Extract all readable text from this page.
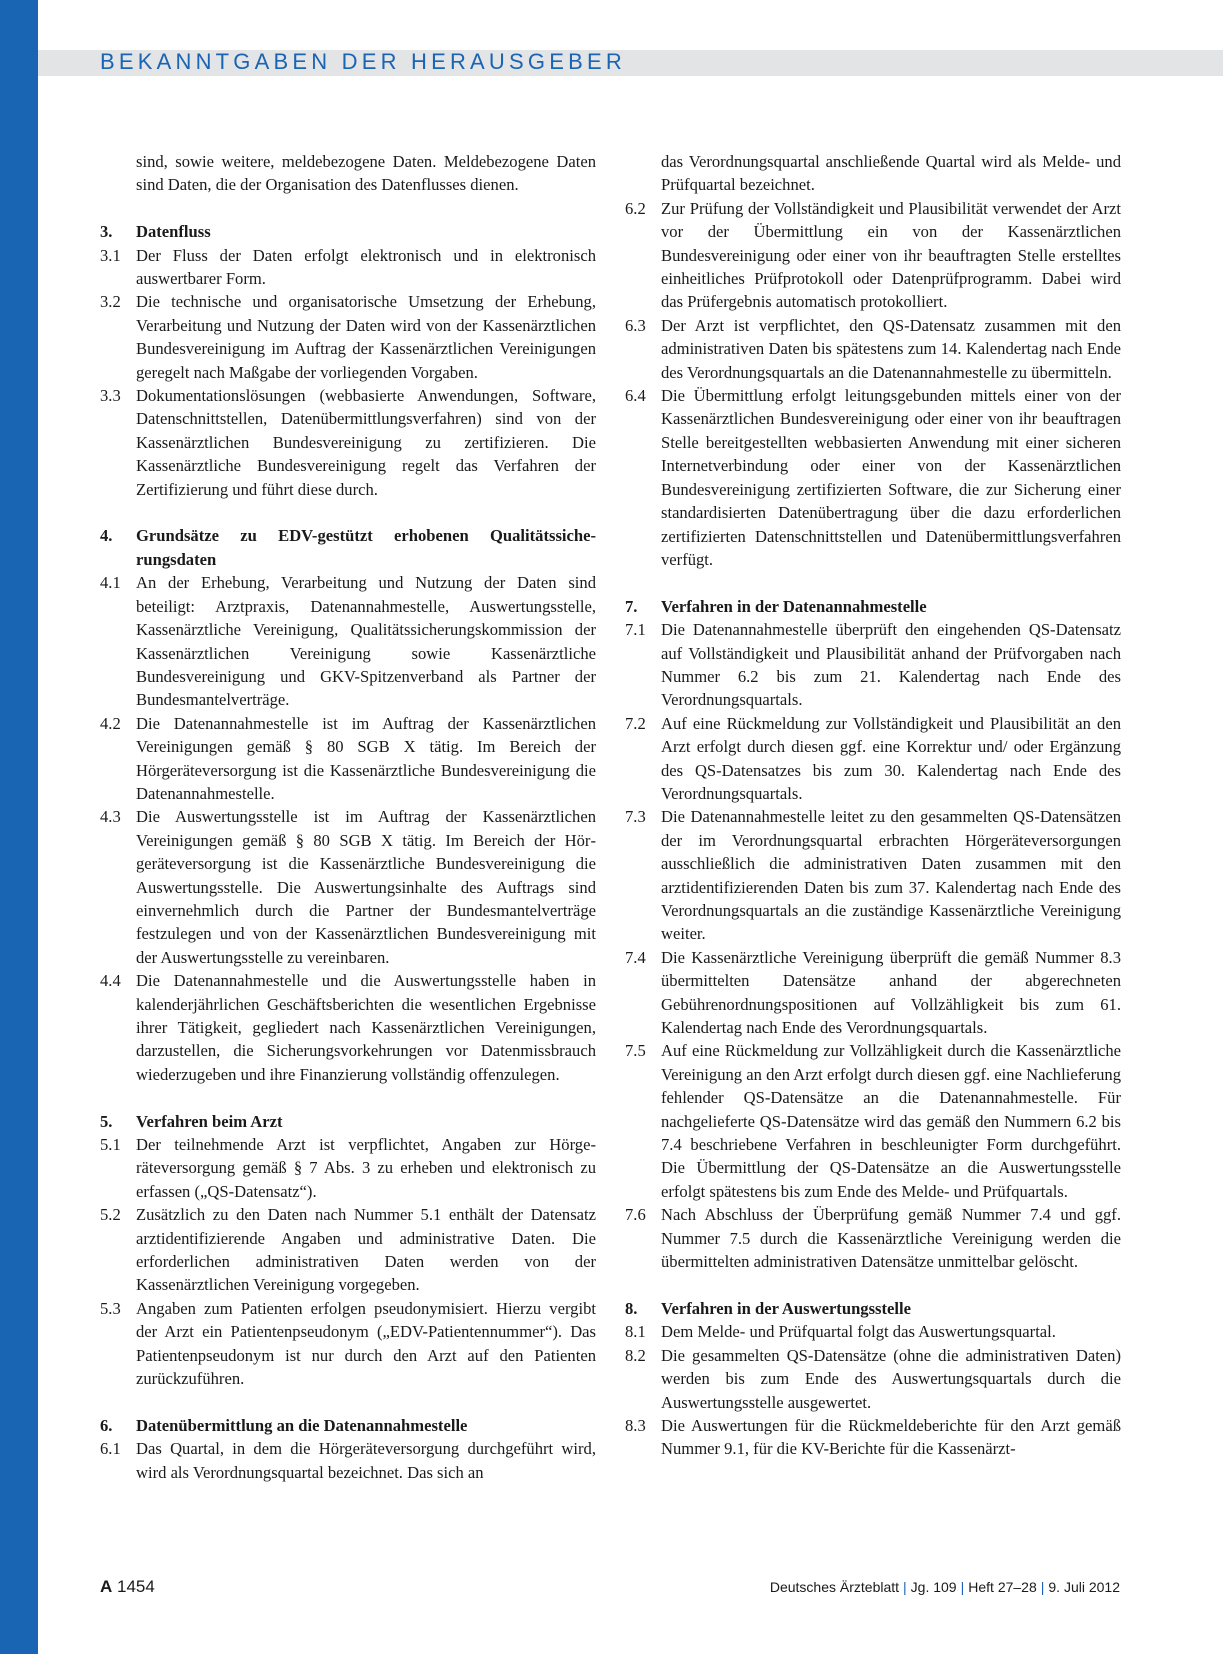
BEKANNTGABEN DER HERAUSGEBER
sind, sowie weitere, meldebezogene Daten. Meldebezogene Daten sind Daten, die der Organisation des Datenflusses dienen.
3.	Datenfluss
3.1 Der Fluss der Daten erfolgt elektronisch und in elektronisch auswertbarer Form.
3.2 Die technische und organisatorische Umsetzung der Erhebung, Verarbeitung und Nutzung der Daten wird von der Kassenärztlichen Bundesvereinigung im Auftrag der Kassenärztlichen Vereinigungen geregelt nach Maßgabe der vorliegenden Vorgaben.
3.3 Dokumentationslösungen (webbasierte Anwendungen, Software, Datenschnittstellen, Datenübermittlungsverfahren) sind von der Kassenärztlichen Bundesvereinigung zu zertifizieren. Die Kassenärztliche Bundesvereinigung regelt das Verfahren der Zertifizierung und führt diese durch.
4.	Grundsätze zu EDV-gestützt erhobenen Qualitätssicherungsdaten
4.1 An der Erhebung, Verarbeitung und Nutzung der Daten sind beteiligt: Arztpraxis, Datenannahmestelle, Auswertungsstelle, Kassenärztliche Vereinigung, Qualitätssicherungskommission der Kassenärztlichen Vereinigung sowie Kassenärztliche Bundesvereinigung und GKV-Spitzenverband als Partner der Bundesmantelverträge.
4.2 Die Datenannahmestelle ist im Auftrag der Kassenärztlichen Vereinigungen gemäß § 80 SGB X tätig. Im Bereich der Hörgeräteversorgung ist die Kassenärztliche Bundesvereinigung die Datenannahmestelle.
4.3 Die Auswertungsstelle ist im Auftrag der Kassenärztlichen Vereinigungen gemäß § 80 SGB X tätig. Im Bereich der Hörgeräteversorgung ist die Kassenärztliche Bundesvereinigung die Auswertungsstelle. Die Auswertungsinhalte des Auftrags sind einvernehmlich durch die Partner der Bundesmantelverträge festzulegen und von der Kassenärztlichen Bundesvereinigung mit der Auswertungsstelle zu vereinbaren.
4.4 Die Datenannahmestelle und die Auswertungsstelle haben in kalenderjährlichen Geschäftsberichten die wesentlichen Ergebnisse ihrer Tätigkeit, gegliedert nach Kassenärztlichen Vereinigungen, darzustellen, die Sicherungsvorkehrungen vor Datenmissbrauch wiederzugeben und ihre Finanzierung vollständig offenzulegen.
5.	Verfahren beim Arzt
5.1 Der teilnehmende Arzt ist verpflichtet, Angaben zur Hörgeräteversorgung gemäß § 7 Abs. 3 zu erheben und elektronisch zu erfassen („QS-Datensatz“).
5.2 Zusätzlich zu den Daten nach Nummer 5.1 enthält der Datensatz arztidentifizierende Angaben und administrative Daten. Die erforderlichen administrativen Daten werden von der Kassenärztlichen Vereinigung vorgegeben.
5.3 Angaben zum Patienten erfolgen pseudonymisiert. Hierzu vergibt der Arzt ein Patientenpseudonym („EDV-Patientennummer“). Das Patientenpseudonym ist nur durch den Arzt auf den Patienten zurückzuführen.
6.	Datenübermittlung an die Datenannahmestelle
6.1 Das Quartal, in dem die Hörgeräteversorgung durchgeführt wird, wird als Verordnungsquartal bezeichnet. Das sich an
das Verordnungsquartal anschließende Quartal wird als Melde- und Prüfquartal bezeichnet.
6.2 Zur Prüfung der Vollständigkeit und Plausibilität verwendet der Arzt vor der Übermittlung ein von der Kassenärztlichen Bundesvereinigung oder einer von ihr beauftragten Stelle erstelltes einheitliches Prüfprotokoll oder Datenprüfprogramm. Dabei wird das Prüfergebnis automatisch protokolliert.
6.3 Der Arzt ist verpflichtet, den QS-Datensatz zusammen mit den administrativen Daten bis spätestens zum 14. Kalendertag nach Ende des Verordnungsquartals an die Datenannahmestelle zu übermitteln.
6.4 Die Übermittlung erfolgt leitungsgebunden mittels einer von der Kassenärztlichen Bundesvereinigung oder einer von ihr beauftragen Stelle bereitgestellten webbasierten Anwendung mit einer sicheren Internetverbindung oder einer von der Kassenärztlichen Bundesvereinigung zertifizierten Software, die zur Sicherung einer standardisierten Datenübertragung über die dazu erforderlichen zertifizierten Datenschnittstellen und Datenübermittlungsverfahren verfügt.
7.	Verfahren in der Datenannahmestelle
7.1 Die Datenannahmestelle überprüft den eingehenden QS-Datensatz auf Vollständigkeit und Plausibilität anhand der Prüfvorgaben nach Nummer 6.2 bis zum 21. Kalendertag nach Ende des Verordnungsquartals.
7.2 Auf eine Rückmeldung zur Vollständigkeit und Plausibilität an den Arzt erfolgt durch diesen ggf. eine Korrektur und/ oder Ergänzung des QS-Datensatzes bis zum 30. Kalendertag nach Ende des Verordnungsquartals.
7.3 Die Datenannahmestelle leitet zu den gesammelten QS-Datensätzen der im Verordnungsquartal erbrachten Hörgeräteversorgungen ausschließlich die administrativen Daten zusammen mit den arztidentifizierenden Daten bis zum 37. Kalendertag nach Ende des Verordnungsquartals an die zuständige Kassenärztliche Vereinigung weiter.
7.4 Die Kassenärztliche Vereinigung überprüft die gemäß Nummer 8.3 übermittelten Datensätze anhand der abgerechneten Gebührenordnungspositionen auf Vollzähligkeit bis zum 61. Kalendertag nach Ende des Verordnungsquartals.
7.5 Auf eine Rückmeldung zur Vollzähligkeit durch die Kassenärztliche Vereinigung an den Arzt erfolgt durch diesen ggf. eine Nachlieferung fehlender QS-Datensätze an die Datenannahmestelle. Für nachgelieferte QS-Datensätze wird das gemäß den Nummern 6.2 bis 7.4 beschriebene Verfahren in beschleunigter Form durchgeführt. Die Übermittlung der QS-Datensätze an die Auswertungsstelle erfolgt spätestens bis zum Ende des Melde- und Prüfquartals.
7.6 Nach Abschluss der Überprüfung gemäß Nummer 7.4 und ggf. Nummer 7.5 durch die Kassenärztliche Vereinigung werden die übermittelten administrativen Datensätze unmittelbar gelöscht.
8.	Verfahren in der Auswertungsstelle
8.1 Dem Melde- und Prüfquartal folgt das Auswertungsquartal.
8.2 Die gesammelten QS-Datensätze (ohne die administrativen Daten) werden bis zum Ende des Auswertungsquartals durch die Auswertungsstelle ausgewertet.
8.3 Die Auswertungen für die Rückmeldeberichte für den Arzt gemäß Nummer 9.1, für die KV-Berichte für die Kassenärzt-
A 1454	Deutsches Ärzteblatt | Jg. 109 | Heft 27–28 | 9. Juli 2012
